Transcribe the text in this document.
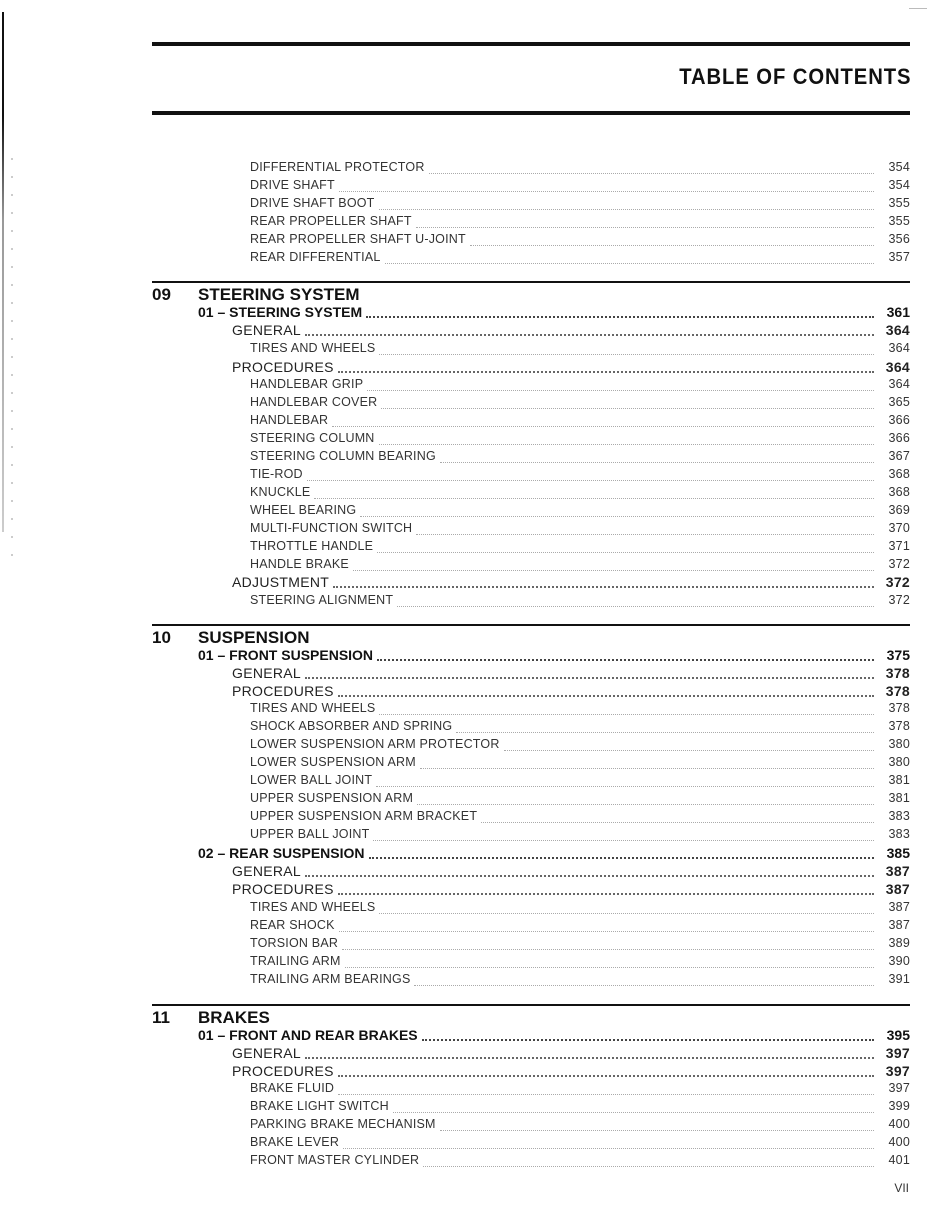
TABLE OF CONTENTS
DIFFERENTIAL PROTECTOR	354
DRIVE SHAFT	354
DRIVE SHAFT BOOT	355
REAR PROPELLER SHAFT	355
REAR PROPELLER SHAFT U-JOINT	356
REAR DIFFERENTIAL	357
09	STEERING SYSTEM
01 – STEERING SYSTEM	361
GENERAL	364
TIRES AND WHEELS	364
PROCEDURES	364
HANDLEBAR GRIP	364
HANDLEBAR COVER	365
HANDLEBAR	366
STEERING COLUMN	366
STEERING COLUMN BEARING	367
TIE-ROD	368
KNUCKLE	368
WHEEL BEARING	369
MULTI-FUNCTION SWITCH	370
THROTTLE HANDLE	371
HANDLE BRAKE	372
ADJUSTMENT	372
STEERING ALIGNMENT	372
10	SUSPENSION
01 – FRONT SUSPENSION	375
GENERAL	378
PROCEDURES	378
TIRES AND WHEELS	378
SHOCK ABSORBER AND SPRING	378
LOWER SUSPENSION ARM PROTECTOR	380
LOWER SUSPENSION ARM	380
LOWER BALL JOINT	381
UPPER SUSPENSION ARM	381
UPPER SUSPENSION ARM BRACKET	383
UPPER BALL JOINT	383
02 – REAR SUSPENSION	385
GENERAL	387
PROCEDURES	387
TIRES AND WHEELS	387
REAR SHOCK	387
TORSION BAR	389
TRAILING ARM	390
TRAILING ARM BEARINGS	391
11	BRAKES
01 – FRONT AND REAR BRAKES	395
GENERAL	397
PROCEDURES	397
BRAKE FLUID	397
BRAKE LIGHT SWITCH	399
PARKING BRAKE MECHANISM	400
BRAKE LEVER	400
FRONT MASTER CYLINDER	401
VII
